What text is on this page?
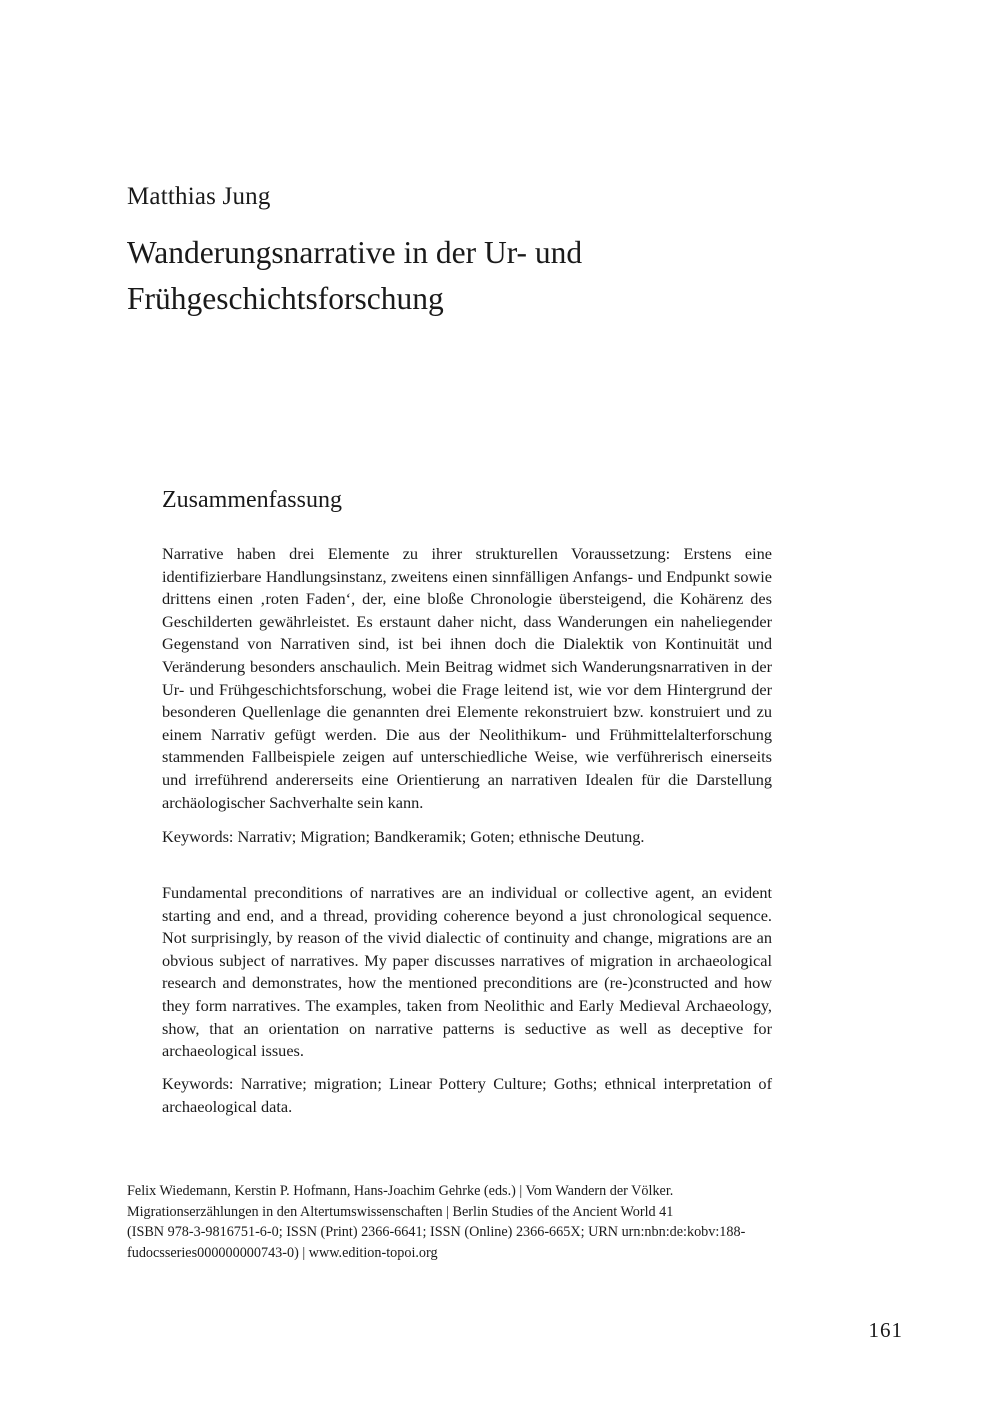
Matthias Jung
Wanderungsnarrative in der Ur- und
Frühgeschichtsforschung
Zusammenfassung

Narrative haben drei Elemente zu ihrer strukturellen Voraussetzung: Erstens eine identifizierbare Handlungsinstanz, zweitens einen sinnfälligen Anfangs- und Endpunkt sowie drittens einen ‚roten Faden‘, der, eine bloße Chronologie übersteigend, die Kohärenz des Geschilderten gewährleistet. Es erstaunt daher nicht, dass Wanderungen ein naheliegender Gegenstand von Narrativen sind, ist bei ihnen doch die Dialektik von Kontinuität und Veränderung besonders anschaulich. Mein Beitrag widmet sich Wanderungsnarrativen in der Ur- und Frühgeschichtsforschung, wobei die Frage leitend ist, wie vor dem Hintergrund der besonderen Quellenlage die genannten drei Elemente rekonstruiert bzw. konstruiert und zu einem Narrativ gefügt werden. Die aus der Neolithikum- und Frühmittelalterforschung stammenden Fallbeispiele zeigen auf unterschiedliche Weise, wie verführerisch einerseits und irreführend andererseits eine Orientierung an narrativen Idealen für die Darstellung archäologischer Sachverhalte sein kann.

Keywords: Narrativ; Migration; Bandkeramik; Goten; ethnische Deutung.

Fundamental preconditions of narratives are an individual or collective agent, an evident starting and end, and a thread, providing coherence beyond a just chronological sequence. Not surprisingly, by reason of the vivid dialectic of continuity and change, migrations are an obvious subject of narratives. My paper discusses narratives of migration in archaeological research and demonstrates, how the mentioned preconditions are (re-)constructed and how they form narratives. The examples, taken from Neolithic and Early Medieval Archaeology, show, that an orientation on narrative patterns is seductive as well as deceptive for archaeological issues.

Keywords: Narrative; migration; Linear Pottery Culture; Goths; ethnical interpretation of archaeological data.

Felix Wiedemann, Kerstin P. Hofmann, Hans-Joachim Gehrke (eds.) | Vom Wandern der Völker.
Migrationserzählungen in den Altertumswissenschaften | Berlin Studies of the Ancient World 41
(ISBN 978-3-9816751-6-0; ISSN (Print) 2366-6641; ISSN (Online) 2366-665X; URN urn:nbn:de:kobv:188-
fudocsseries000000000743-0) | www.edition-topoi.org
161
